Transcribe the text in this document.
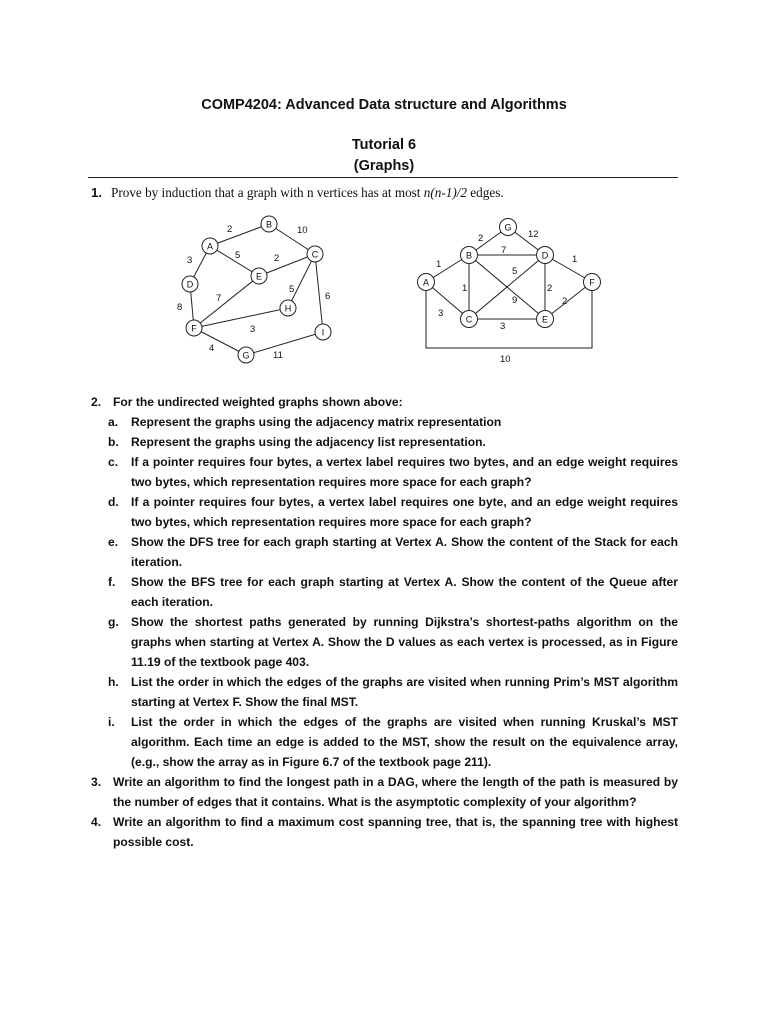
COMP4204: Advanced Data structure and Algorithms
Tutorial 6
(Graphs)
1. Prove by induction that a graph with n vertices has at most n(n-1)/2 edges.
2	10
3	5	2
8
7
5
6
3
4
11
A
B
C
D
E
F
G
H
I
2	12
7
1	1
5
1	2
9	2
3
3
10
G
B	D
A	F
C	E
2. For the undirected weighted graphs shown above:
a.	Represent the graphs using the adjacency matrix representation
b.	Represent the graphs using the adjacency list representation.
c.	If a pointer requires four bytes, a vertex label requires two bytes, and an edge weight requires two bytes, which representation requires more space for each graph?
d.	If a pointer requires four bytes, a vertex label requires one byte, and an edge weight requires two bytes, which representation requires more space for each graph?
e.	Show the DFS tree for each graph starting at Vertex A. Show the content of the Stack for each iteration.
f.	Show the BFS tree for each graph starting at Vertex A. Show the content of the Queue after each iteration.
g.	Show the shortest paths generated by running Dijkstra’s shortest-paths algorithm on the graphs when starting at Vertex A. Show the D values as each vertex is processed, as in Figure 11.19 of the textbook page 403.
h.	List the order in which the edges of the graphs are visited when running Prim’s MST algorithm starting at Vertex F. Show the final MST.
i.	List the order in which the edges of the graphs are visited when running Kruskal’s MST algorithm. Each time an edge is added to the MST, show the result on the equivalence array, (e.g., show the array as in Figure 6.7 of the textbook page 211).
3. Write an algorithm to find the longest path in a DAG, where the length of the path is measured by the number of edges that it contains. What is the asymptotic complexity of your algorithm?
4. Write an algorithm to find a maximum cost spanning tree, that is, the spanning tree with highest possible cost.
